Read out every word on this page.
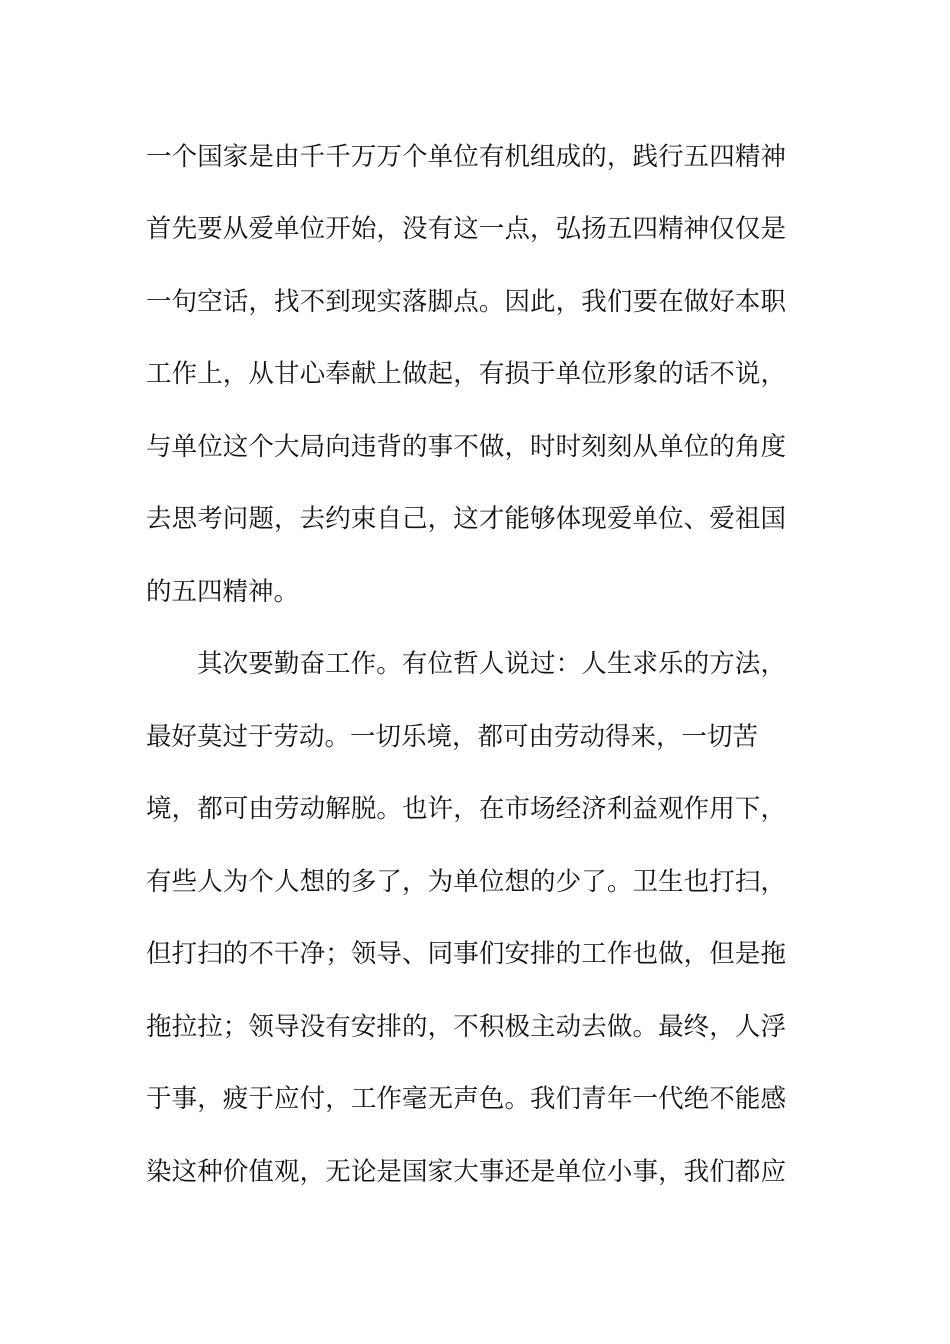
一个国家是由千千万万个单位有机组成的，践行五四精神
首先要从爱单位开始，没有这一点，弘扬五四精神仅仅是
一句空话，找不到现实落脚点。因此，我们要在做好本职
工作上，从甘心奉献上做起，有损于单位形象的话不说，
与单位这个大局向违背的事不做，时时刻刻从单位的角度
去思考问题，去约束自己，这才能够体现爱单位、爱祖国
的五四精神。
其次要勤奋工作。有位哲人说过：人生求乐的方法，
最好莫过于劳动。一切乐境，都可由劳动得来，一切苦
境，都可由劳动解脱。也许，在市场经济利益观作用下，
有些人为个人想的多了，为单位想的少了。卫生也打扫，
但打扫的不干净；领导、同事们安排的工作也做，但是拖
拖拉拉；领导没有安排的，不积极主动去做。最终，人浮
于事，疲于应付，工作毫无声色。我们青年一代绝不能感
染这种价值观，无论是国家大事还是单位小事，我们都应
